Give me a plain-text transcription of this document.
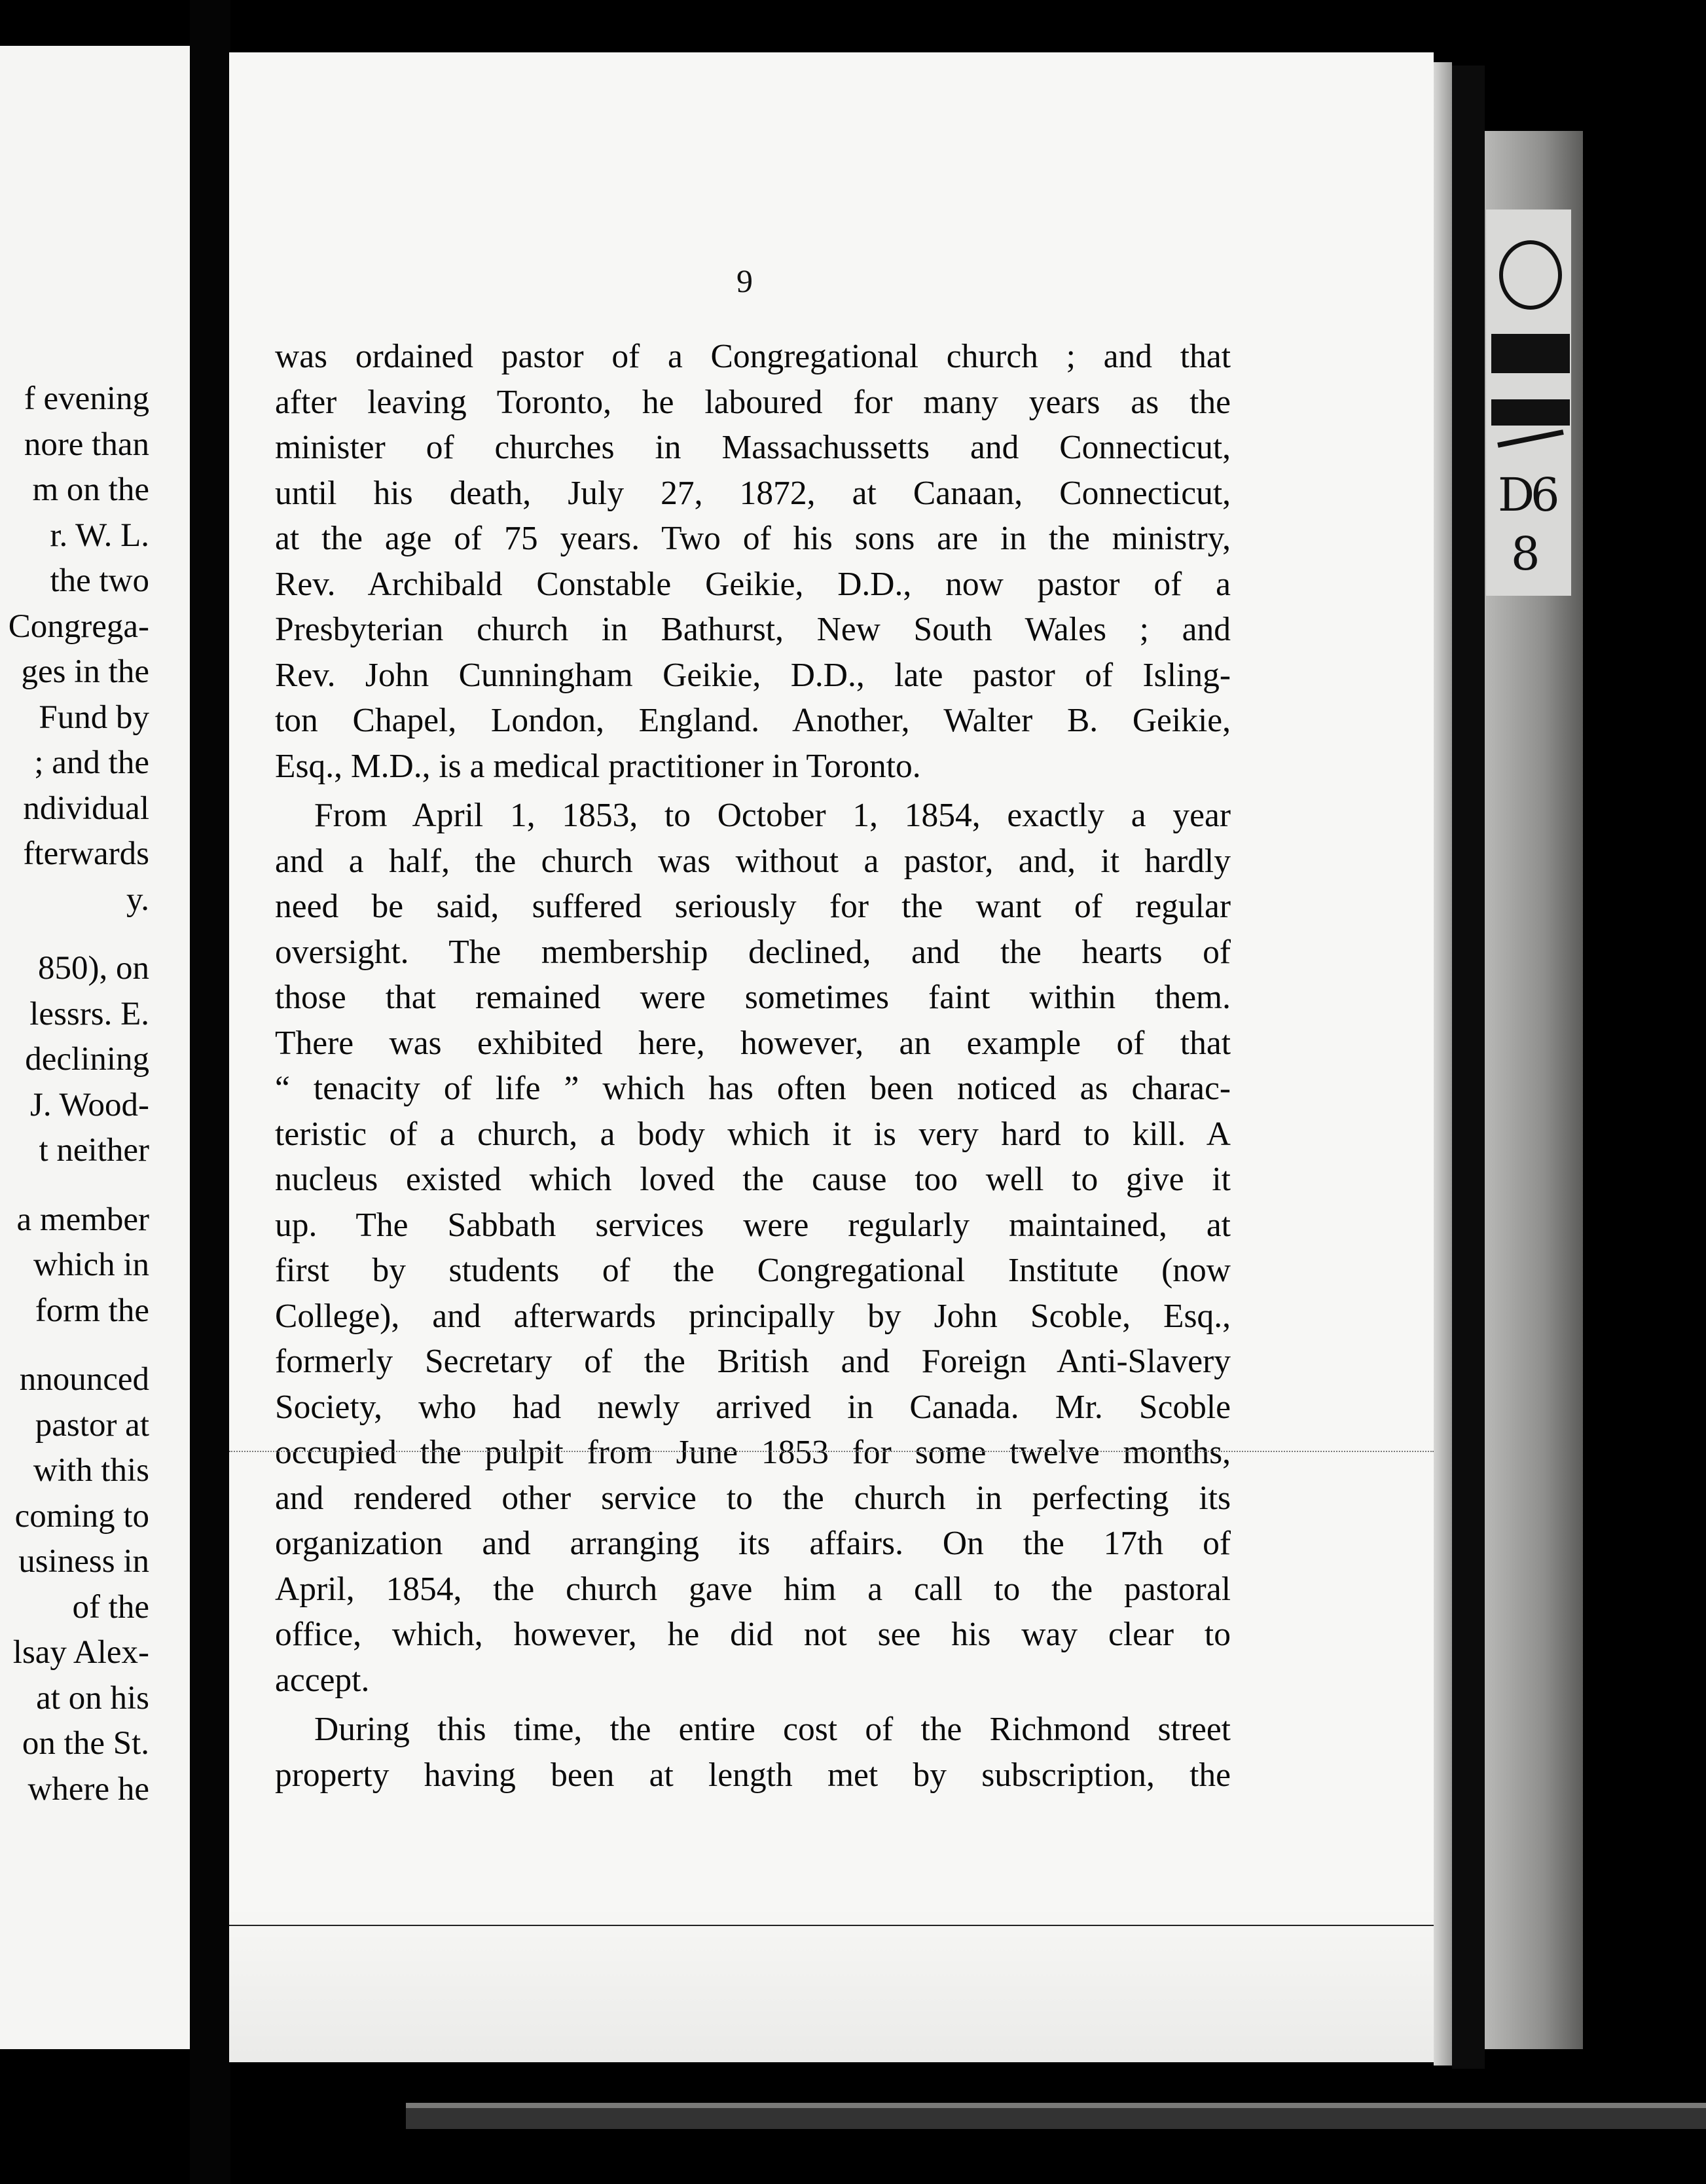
f evening
nore than
m on the
r. W. L.
the two
Congrega-
ges in the
Fund by
; and the
ndividual
fterwards
y.
850), on
lessrs. E.
declining
J. Wood-
t neither
a member
which in
form the
nnounced
pastor at
with this
coming to
usiness in
of the
lsay Alex-
at on his
on the St.
where he
9
was ordained pastor of a Congregational church ; and that
after leaving Toronto, he laboured for many years as the
minister of churches in Massachussetts and Connecticut,
until his death, July 27, 1872, at Canaan, Connecticut,
at the age of 75 years. Two of his sons are in the ministry,
Rev. Archibald Constable Geikie, D.D., now pastor of a
Presbyterian church in Bathurst, New South Wales ; and
Rev. John Cunningham Geikie, D.D., late pastor of Isling-
ton Chapel, London, England. Another, Walter B. Geikie,
Esq., M.D., is a medical practitioner in Toronto.
From April 1, 1853, to October 1, 1854, exactly a year
and a half, the church was without a pastor, and, it hardly
need be said, suffered seriously for the want of regular
oversight. The membership declined, and the hearts of
those that remained were sometimes faint within them.
There was exhibited here, however, an example of that
“ tenacity of life ” which has often been noticed as charac-
teristic of a church, a body which it is very hard to kill. A
nucleus existed which loved the cause too well to give it
up. The Sabbath services were regularly maintained, at
first by students of the Congregational Institute (now
College), and afterwards principally by John Scoble, Esq.,
formerly Secretary of the British and Foreign Anti-Slavery
Society, who had newly arrived in Canada. Mr. Scoble
occupied the pulpit from June 1853 for some twelve months,
and rendered other service to the church in perfecting its
organization and arranging its affairs. On the 17th of
April, 1854, the church gave him a call to the pastoral
office, which, however, he did not see his way clear to
accept.
During this time, the entire cost of the Richmond street
property having been at length met by subscription, the
D
6
8
